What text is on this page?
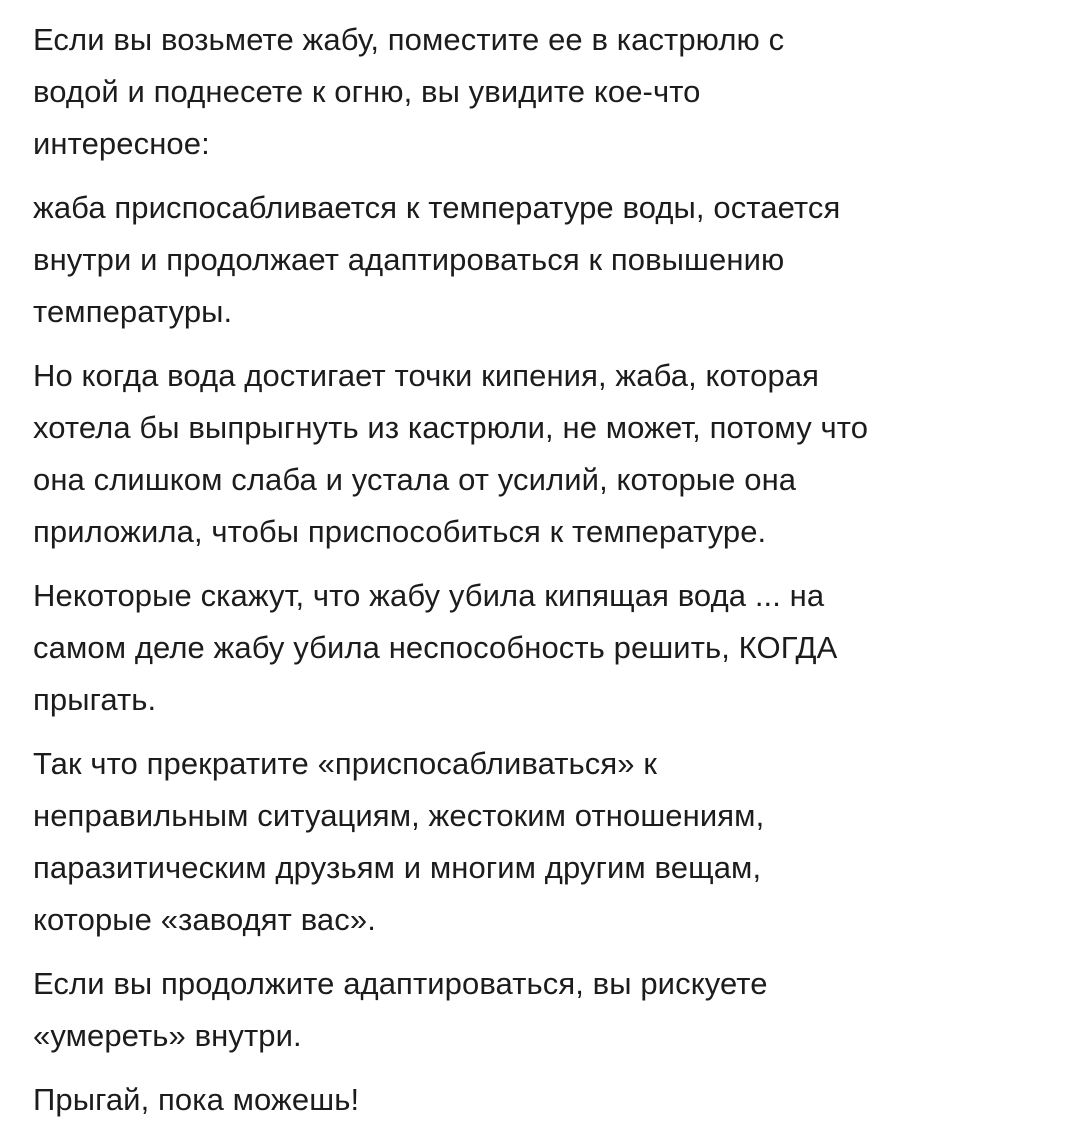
Если вы возьмете жабу, поместите ее в кастрюлю с
водой и поднесете к огню, вы увидите кое-что
интересное:
жаба приспосабливается к температуре воды, остается
внутри и продолжает адаптироваться к повышению
температуры.
Но когда вода достигает точки кипения, жаба, которая
хотела бы выпрыгнуть из кастрюли, не может, потому что
она слишком слаба и устала от усилий, которые она
приложила, чтобы приспособиться к температуре.
Некоторые скажут, что жабу убила кипящая вода ... на
самом деле жабу убила неспособность решить, КОГДА
прыгать.
Так что прекратите «приспосабливаться» к
неправильным ситуациям, жестоким отношениям,
паразитическим друзьям и многим другим вещам,
которые «заводят вас».
Если вы продолжите адаптироваться, вы рискуете
«умереть» внутри.
Прыгай, пока можешь!
